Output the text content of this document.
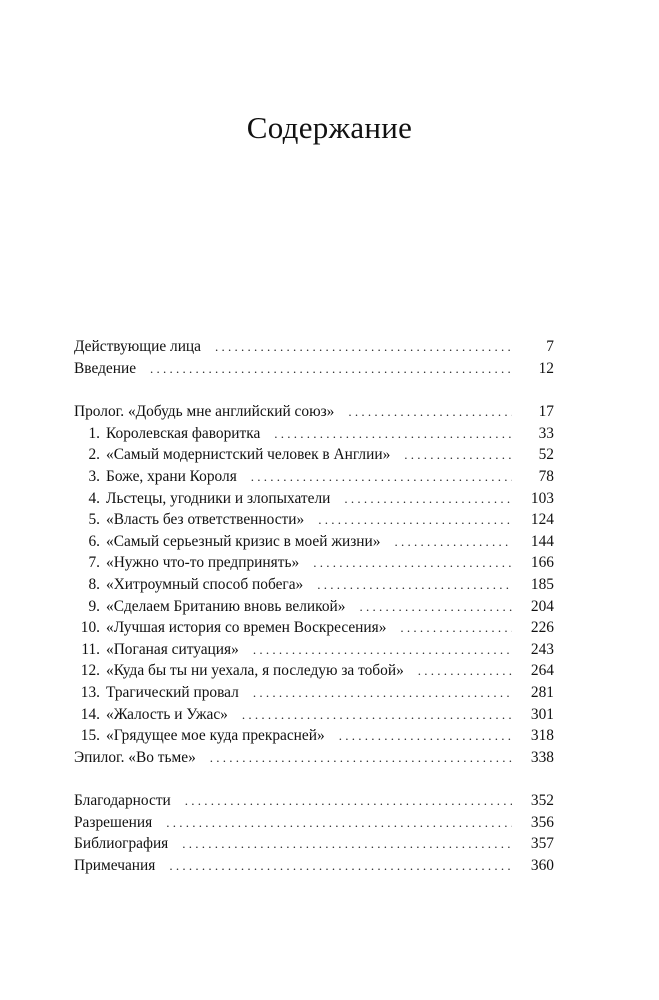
Содержание
Действующие лица . . .	7
Введение . . .	12
Пролог. «Добудь мне английский союз» . . .	17
1. Королевская фаворитка . . .	33
2. «Самый модернистский человек в Англии» . . .	52
3. Боже, храни Короля . . .	78
4. Льстецы, угодники и злопыхатели . . .	103
5. «Власть без ответственности» . . .	124
6. «Самый серьезный кризис в моей жизни» . . .	144
7. «Нужно что-то предпринять» . . .	166
8. «Хитроумный способ побега» . . .	185
9. «Сделаем Британию вновь великой» . . .	204
10. «Лучшая история со времен Воскресения» . . .	226
11. «Поганая ситуация» . . .	243
12. «Куда бы ты ни уехала, я последую за тобой» . . .	264
13. Трагический провал . . .	281
14. «Жалость и Ужас» . . .	301
15. «Грядущее мое куда прекрасней» . . .	318
Эпилог. «Во тьме» . . .	338
Благодарности . . .	352
Разрешения . . .	356
Библиография . . .	357
Примечания . . .	360
